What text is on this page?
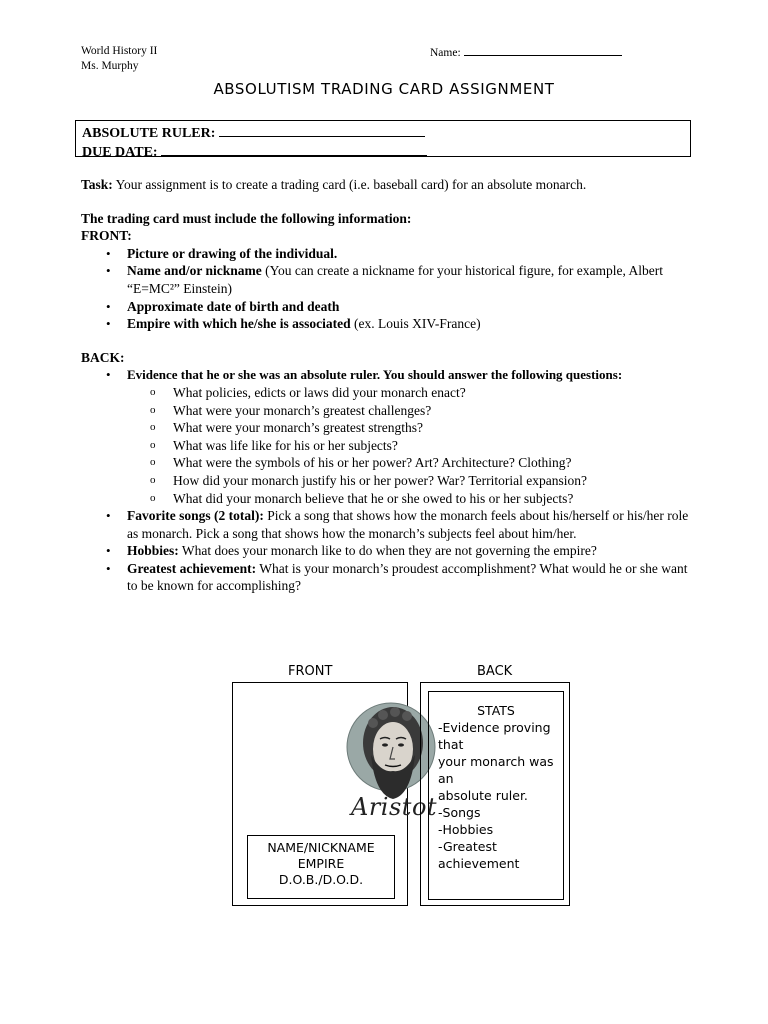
World History II
Ms. Murphy
Name:
ABSOLUTISM TRADING CARD ASSIGNMENT
ABSOLUTE RULER:
DUE DATE:
Task: Your assignment is to create a trading card (i.e. baseball card) for an absolute monarch.
The trading card must include the following information:
FRONT:
• Picture or drawing of the individual.
• Name and/or nickname (You can create a nickname for your historical figure, for example, Albert “E=MC²” Einstein)
• Approximate date of birth and death
• Empire with which he/she is associated (ex. Louis XIV-France)
BACK:
• Evidence that he or she was an absolute ruler. You should answer the following questions:
o What policies, edicts or laws did your monarch enact?
o What were your monarch’s greatest challenges?
o What were your monarch’s greatest strengths?
o What was life like for his or her subjects?
o What were the symbols of his or her power? Art? Architecture? Clothing?
o How did your monarch justify his or her power? War? Territorial expansion?
o What did your monarch believe that he or she owed to his or her subjects?
• Favorite songs (2 total): Pick a song that shows how the monarch feels about his/herself or his/her role as monarch. Pick a song that shows how the monarch’s subjects feel about him/her.
• Hobbies: What does your monarch like to do when they are not governing the empire?
• Greatest achievement: What is your monarch’s proudest accomplishment? What would he or she want to be known for accomplishing?
FRONT	BACK
Aristot
NAME/NICKNAME
EMPIRE
D.O.B./D.O.D.
STATS
-Evidence proving that
your monarch was an
absolute ruler.
-Songs
-Hobbies
-Greatest achievement
